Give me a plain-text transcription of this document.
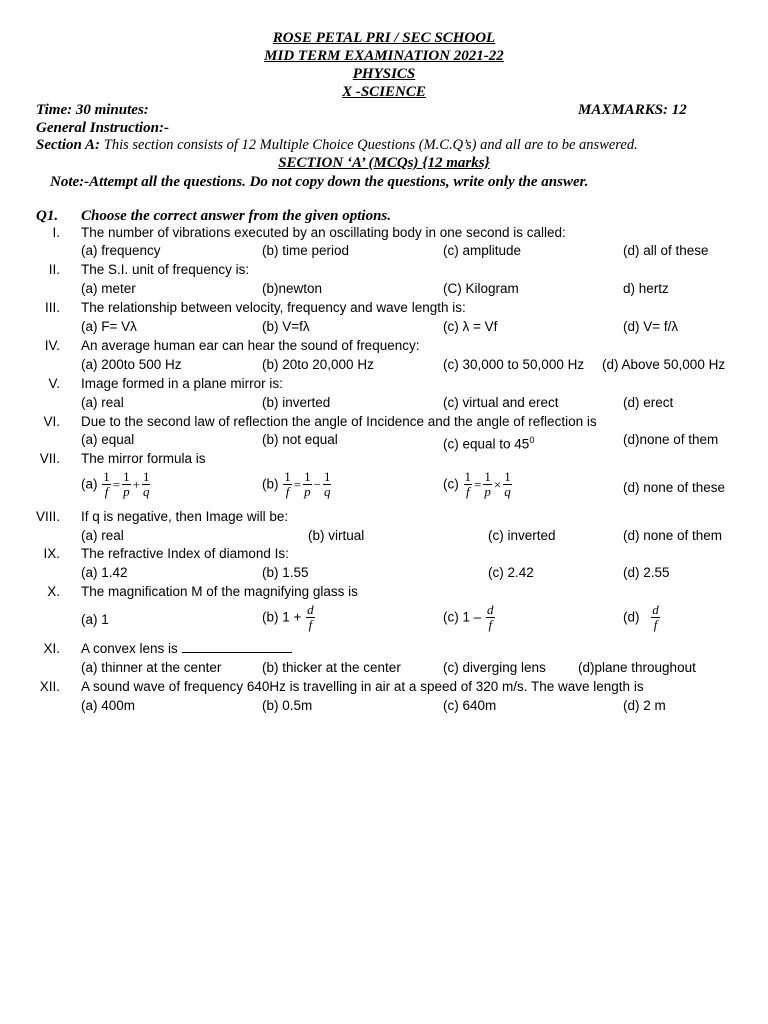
ROSE PETAL PRI / SEC SCHOOL
MID TERM EXAMINATION 2021-22
PHYSICS
X -SCIENCE
Time: 30 minutes:	MAXMARKS: 12
General Instruction:-
Section A: This section consists of 12 Multiple Choice Questions (M.C.Q’s) and all are to be answered.
SECTION ‘A’ (MCQs) {12 marks}
Note:-Attempt all the questions. Do not copy down the questions, write only the answer.
Q1. Choose the correct answer from the given options.
I. The number of vibrations executed by an oscillating body in one second is called:
(a) frequency	(b) time period	(c) amplitude	(d) all of these
II. The S.I. unit of frequency is:
(a) meter	(b)newton	(C) Kilogram	d) hertz
III. The relationship between velocity, frequency and wave length is:
(a) F= Vλ	(b) V=fλ	(c) λ = Vf	(d) V= f/λ
IV. An average human ear can hear the sound of frequency:
(a) 200to 500 Hz	(b) 20to 20,000 Hz	(c) 30,000 to 50,000 Hz (d) Above 50,000 Hz
V. Image formed in a plane mirror is:
(a) real	(b) inverted	(c) virtual and erect	(d) erect
VI. Due to the second law of reflection the angle of Incidence and the angle of reflection is
(a) equal	(b) not equal	(c) equal to $45^0$	(d)none of them
VII. The mirror formula is
$(a) \frac{1}{f} = \frac{1}{p} + \frac{1}{q}$	$(b) \frac{1}{f} = \frac{1}{p} - \frac{1}{q}$	$(c) \frac{1}{f} = \frac{1}{p} \times \frac{1}{q}$	(d) none of these
VIII. If q is negative, then Image will be:
(a) real	(b) virtual	(c) inverted	(d) none of them
IX. The refractive Index of diamond Is:
(a) 1.42	(b) 1.55	(c) 2.42	(d) 2.55
X. The magnification M of the magnifying glass is
(a) 1	(b) $1 + \frac{d}{f}$	(c) $1 - \frac{d}{f}$	$(d) \frac{d}{f}$
XI. A convex lens is
(a) thinner at the center	(b) thicker at the center	(c) diverging lens (d)plane throughout
XII. A sound wave of frequency 640Hz is travelling in air at a speed of 320 m/s. The wave length is
(a) 400m	(b) 0.5m	(c) 640m	(d) 2 m
